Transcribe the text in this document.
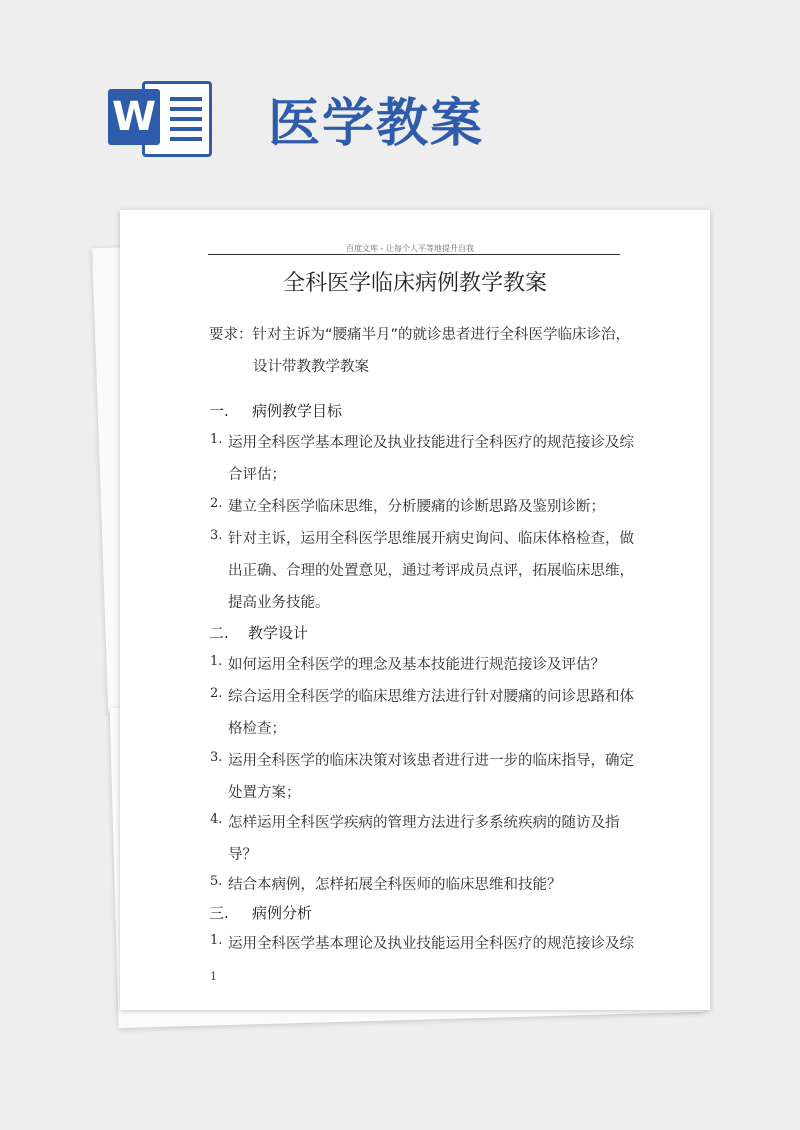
W 医学教案
百度文库 - 让每个人平等地提升自我
全科医学临床病例教学教案
要求：针对主诉为“腰痛半月”的就诊患者进行全科医学临床诊治，
设计带教教学教案
一. 病例教学目标
1. 运用全科医学基本理论及执业技能进行全科医疗的规范接诊及综
合评估；
2. 建立全科医学临床思维，分析腰痛的诊断思路及鉴别诊断；
3. 针对主诉，运用全科医学思维展开病史询问、临床体格检查，做
出正确、合理的处置意见，通过考评成员点评，拓展临床思维，
提高业务技能。
二. 教学设计
1. 如何运用全科医学的理念及基本技能进行规范接诊及评估？
2. 综合运用全科医学的临床思维方法进行针对腰痛的问诊思路和体
格检查；
3. 运用全科医学的临床决策对该患者进行进一步的临床指导，确定
处置方案；
4. 怎样运用全科医学疾病的管理方法进行多系统疾病的随访及指
导？
5. 结合本病例，怎样拓展全科医师的临床思维和技能？
三. 病例分析
1. 运用全科医学基本理论及执业技能运用全科医疗的规范接诊及综
1
